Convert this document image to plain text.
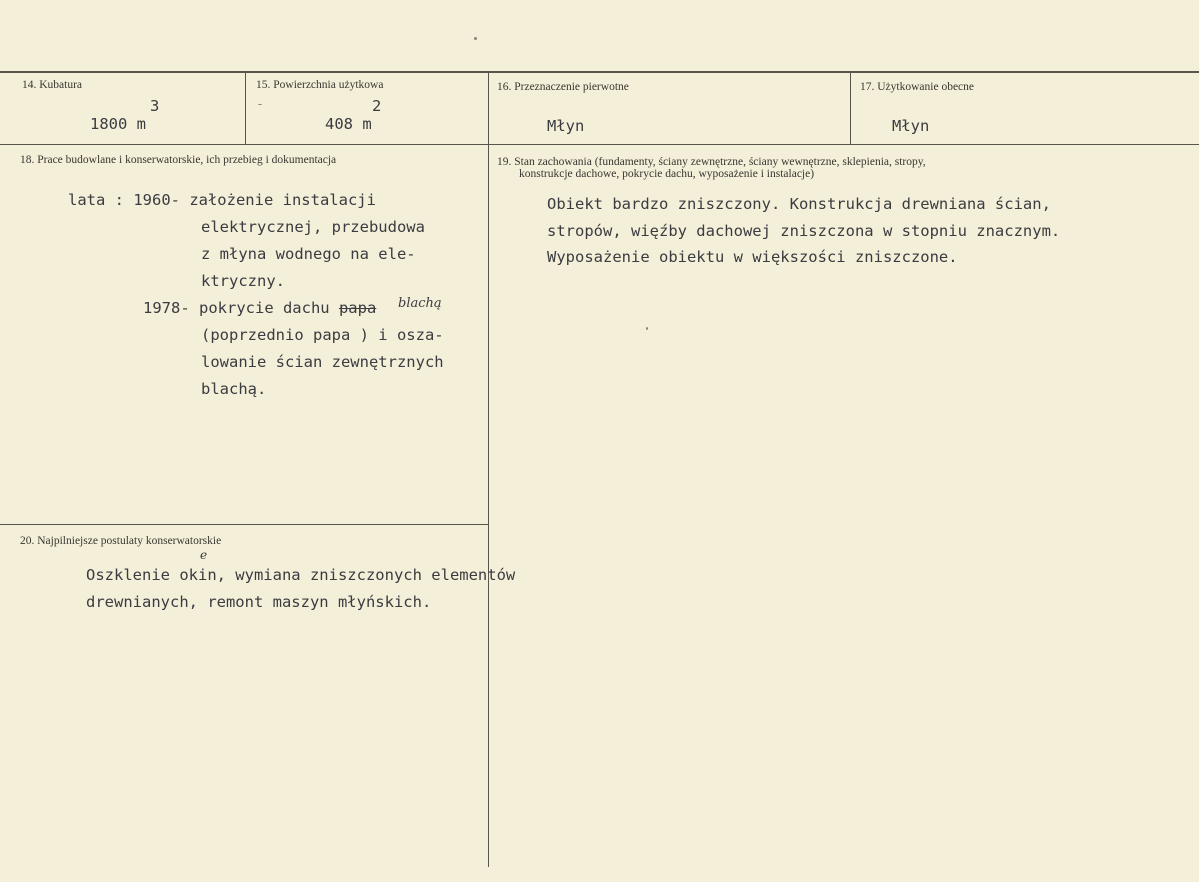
14. Kubatura
1800 m
3
15. Powierzchnia użytkowa
408 m
2
16. Przeznaczenie pierwotne
Młyn
17. Użytkowanie obecne
Młyn
18. Prace budowlane i konserwatorskie, ich przebieg i dokumentacja
lata : 1960- założenie instalacji
elektrycznej, przebudowa
z młyna wodnego na ele-
ktryczny.
1978- pokrycie dachu papa blachą
(poprzednio papa ) i osza-
lowanie ścian zewnętrznych
blachą.
19. Stan zachowania (fundamenty, ściany zewnętrzne, ściany wewnętrzne, sklepienia, stropy,
konstrukcje dachowe, pokrycie dachu, wyposażenie i instalacje)
Obiekt bardzo zniszczony. Konstrukcja drewniana ścian,
stropów, więźby dachowej zniszczona w stopniu znacznym.
Wyposażenie obiektu w większości zniszczone.
20. Najpilniejsze postulaty konserwatorskie
Oszklenie okin, wymiana zniszczonych elementów
e
drewnianych, remont maszyn młyńskich.
